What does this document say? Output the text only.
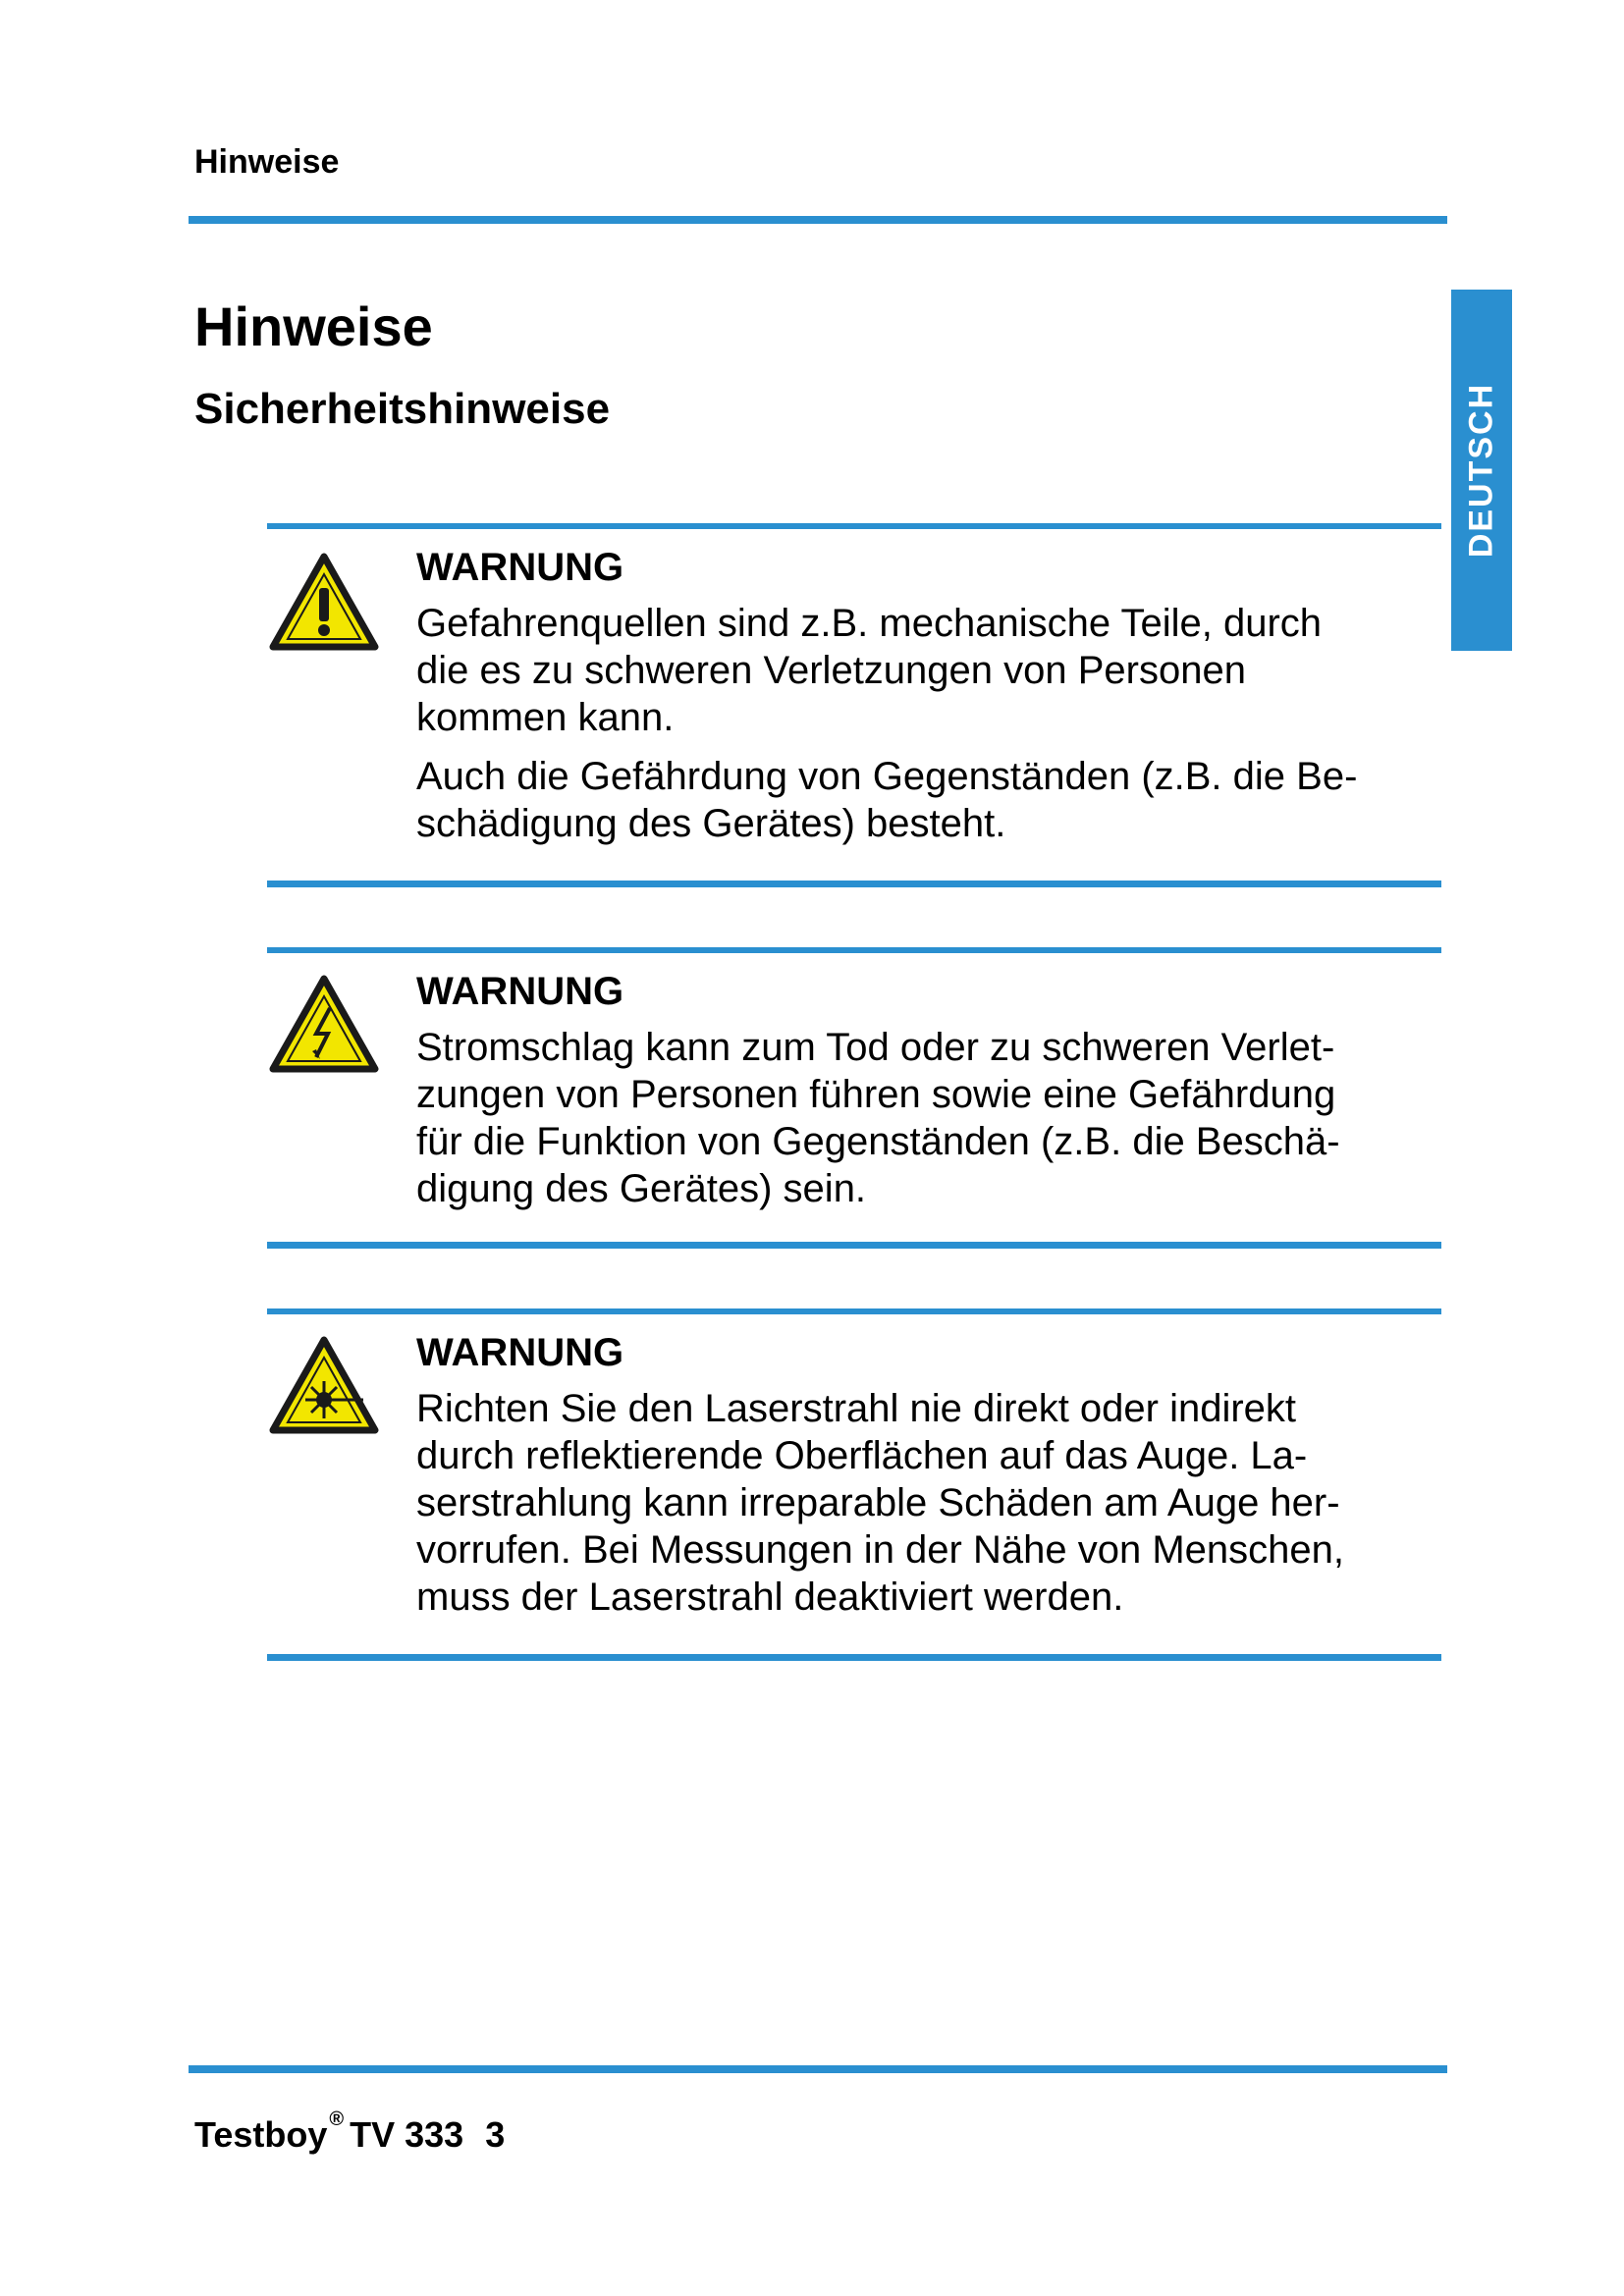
Hinweise
DEUTSCH
Hinweise
Sicherheitshinweise

WARNUNG

Gefahrenquellen sind z.B. mechanische Teile, durch
die es zu schweren Verletzungen von Personen
kommen kann.

Auch die Gefährdung von Gegenständen (z.B. die Be-
schädigung des Gerätes) besteht.

WARNUNG

Stromschlag kann zum Tod oder zu schweren Verlet-
zungen von Personen führen sowie eine Gefährdung
für die Funktion von Gegenständen (z.B. die Beschä-
digung des Gerätes) sein.

WARNUNG

Richten Sie den Laserstrahl nie direkt oder indirekt
durch reflektierende Oberflächen auf das Auge. La-
serstrahlung kann irreparable Schäden am Auge her-
vorrufen. Bei Messungen in der Nähe von Menschen,
muss der Laserstrahl deaktiviert werden.

Testboy ® TV 333 3
